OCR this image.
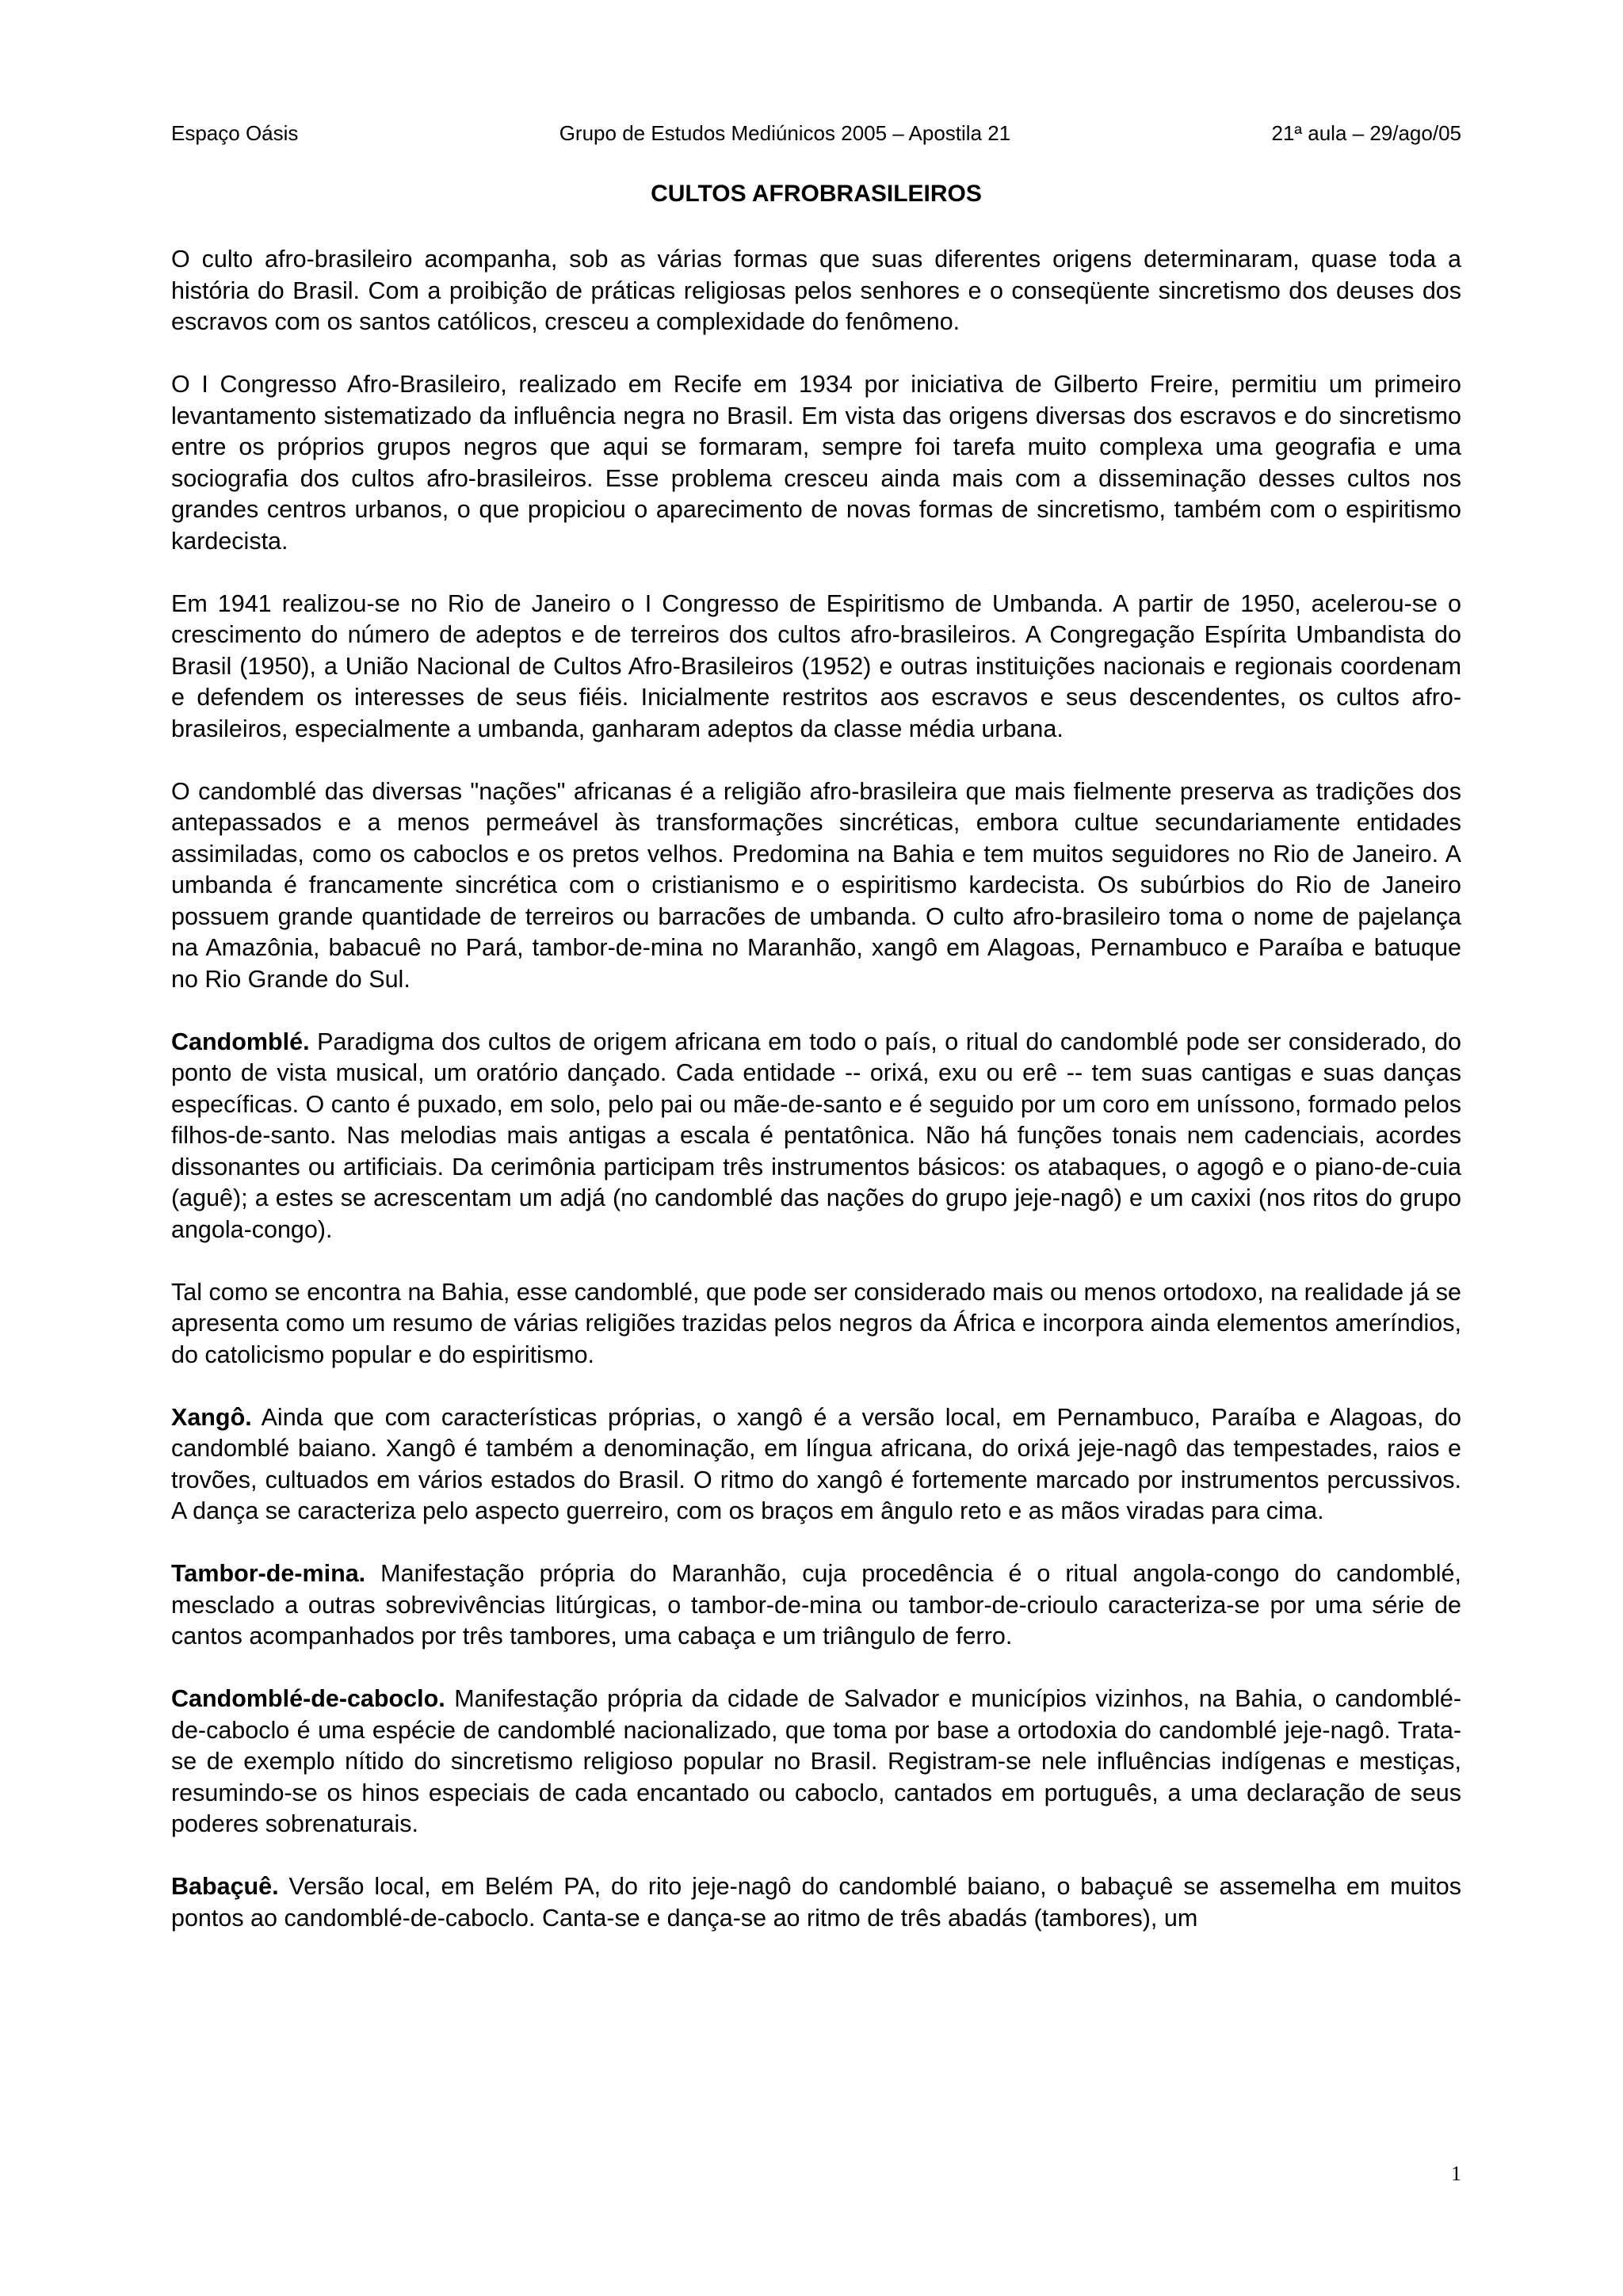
Espaço Oásis	Grupo de Estudos Mediúnicos 2005 – Apostila 21	21ª aula – 29/ago/05
CULTOS AFROBRASILEIROS

O culto afro-brasileiro acompanha, sob as várias formas que suas diferentes origens determinaram, quase toda a história do Brasil. Com a proibição de práticas religiosas pelos senhores e o conseqüente sincretismo dos deuses dos escravos com os santos católicos, cresceu a complexidade do fenômeno.

O I Congresso Afro-Brasileiro, realizado em Recife em 1934 por iniciativa de Gilberto Freire, permitiu um primeiro levantamento sistematizado da influência negra no Brasil. Em vista das origens diversas dos escravos e do sincretismo entre os próprios grupos negros que aqui se formaram, sempre foi tarefa muito complexa uma geografia e uma sociografia dos cultos afro-brasileiros. Esse problema cresceu ainda mais com a disseminação desses cultos nos grandes centros urbanos, o que propiciou o aparecimento de novas formas de sincretismo, também com o espiritismo kardecista.

Em 1941 realizou-se no Rio de Janeiro o I Congresso de Espiritismo de Umbanda. A partir de 1950, acelerou-se o crescimento do número de adeptos e de terreiros dos cultos afro-brasileiros. A Congregação Espírita Umbandista do Brasil (1950), a União Nacional de Cultos Afro-Brasileiros (1952) e outras instituições nacionais e regionais coordenam e defendem os interesses de seus fiéis. Inicialmente restritos aos escravos e seus descendentes, os cultos afro-brasileiros, especialmente a umbanda, ganharam adeptos da classe média urbana.

O candomblé das diversas "nações" africanas é a religião afro-brasileira que mais fielmente preserva as tradições dos antepassados e a menos permeável às transformações sincréticas, embora cultue secundariamente entidades assimiladas, como os caboclos e os pretos velhos. Predomina na Bahia e tem muitos seguidores no Rio de Janeiro. A umbanda é francamente sincrética com o cristianismo e o espiritismo kardecista. Os subúrbios do Rio de Janeiro possuem grande quantidade de terreiros ou barracões de umbanda. O culto afro-brasileiro toma o nome de pajelança na Amazônia, babacuê no Pará, tambor-de-mina no Maranhão, xangô em Alagoas, Pernambuco e Paraíba e batuque no Rio Grande do Sul.

Candomblé. Paradigma dos cultos de origem africana em todo o país, o ritual do candomblé pode ser considerado, do ponto de vista musical, um oratório dançado. Cada entidade -- orixá, exu ou erê -- tem suas cantigas e suas danças específicas. O canto é puxado, em solo, pelo pai ou mãe-de-santo e é seguido por um coro em uníssono, formado pelos filhos-de-santo. Nas melodias mais antigas a escala é pentatônica. Não há funções tonais nem cadenciais, acordes dissonantes ou artificiais. Da cerimônia participam três instrumentos básicos: os atabaques, o agogô e o piano-de-cuia (aguê); a estes se acrescentam um adjá (no candomblé das nações do grupo jeje-nagô) e um caxixi (nos ritos do grupo angola-congo).

Tal como se encontra na Bahia, esse candomblé, que pode ser considerado mais ou menos ortodoxo, na realidade já se apresenta como um resumo de várias religiões trazidas pelos negros da África e incorpora ainda elementos ameríndios, do catolicismo popular e do espiritismo.

Xangô. Ainda que com características próprias, o xangô é a versão local, em Pernambuco, Paraíba e Alagoas, do candomblé baiano. Xangô é também a denominação, em língua africana, do orixá jeje-nagô das tempestades, raios e trovões, cultuados em vários estados do Brasil. O ritmo do xangô é fortemente marcado por instrumentos percussivos. A dança se caracteriza pelo aspecto guerreiro, com os braços em ângulo reto e as mãos viradas para cima.

Tambor-de-mina. Manifestação própria do Maranhão, cuja procedência é o ritual angola-congo do candomblé, mesclado a outras sobrevivências litúrgicas, o tambor-de-mina ou tambor-de-crioulo caracteriza-se por uma série de cantos acompanhados por três tambores, uma cabaça e um triângulo de ferro.

Candomblé-de-caboclo. Manifestação própria da cidade de Salvador e municípios vizinhos, na Bahia, o candomblé-de-caboclo é uma espécie de candomblé nacionalizado, que toma por base a ortodoxia do candomblé jeje-nagô. Trata-se de exemplo nítido do sincretismo religioso popular no Brasil. Registram-se nele influências indígenas e mestiças, resumindo-se os hinos especiais de cada encantado ou caboclo, cantados em português, a uma declaração de seus poderes sobrenaturais.

Babaçuê. Versão local, em Belém PA, do rito jeje-nagô do candomblé baiano, o babaçuê se assemelha em muitos pontos ao candomblé-de-caboclo. Canta-se e dança-se ao ritmo de três abadás (tambores), um

1
